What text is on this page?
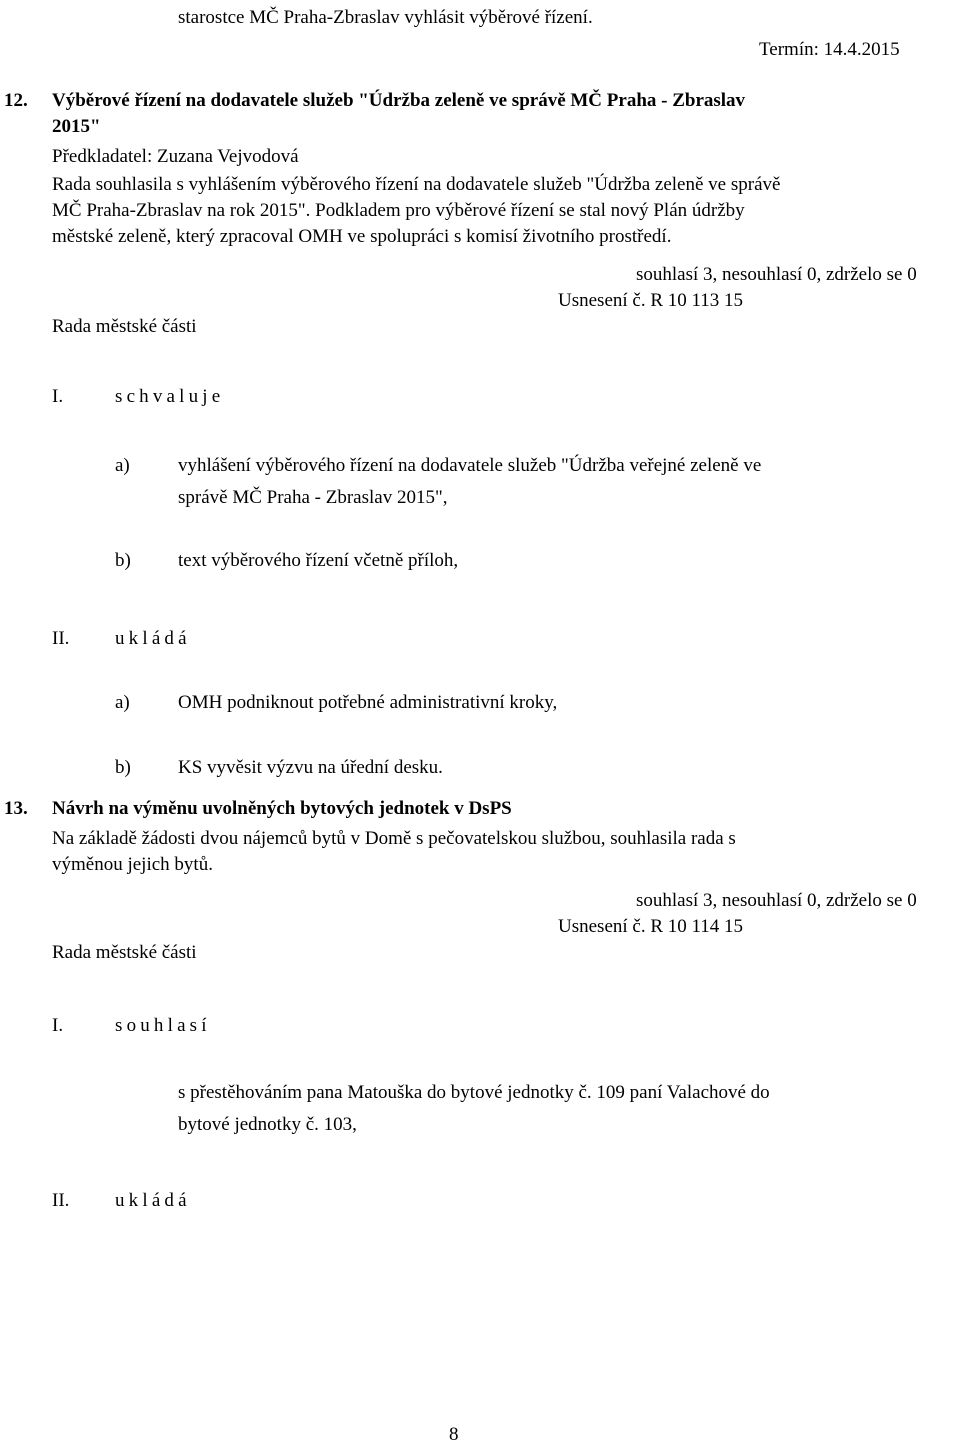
starostce MČ Praha-Zbraslav vyhlásit výběrové řízení.
Termín: 14.4.2015
12. Výběrové řízení na dodavatele služeb "Údržba zeleně ve správě MČ Praha - Zbraslav
2015"
Předkladatel: Zuzana Vejvodová
Rada souhlasila s vyhlášením výběrového řízení na dodavatele služeb "Údržba zeleně ve správě
MČ Praha-Zbraslav na rok 2015". Podkladem pro výběrové řízení se stal nový Plán údržby
městské zeleně, který zpracoval OMH ve spolupráci s komisí životního prostředí.
souhlasí 3, nesouhlasí 0, zdrželo se 0
Usnesení č. R 10 113 15
Rada městské části
I.	schvaluje
a)	vyhlášení výběrového řízení na dodavatele služeb "Údržba veřejné zeleně ve
správě MČ Praha - Zbraslav 2015",
b) text výběrového řízení včetně příloh,
II. ukládá
a)	OMH podniknout potřebné administrativní kroky,
b) KS vyvěsit výzvu na úřední desku.
13. Návrh na výměnu uvolněných bytových jednotek v DsPS
Na základě žádosti dvou nájemců bytů v Domě s pečovatelskou službou, souhlasila rada s
výměnou jejich bytů.
souhlasí 3, nesouhlasí 0, zdrželo se 0
Usnesení č. R 10 114 15
Rada městské části
I.	souhlasí
s přestěhováním pana Matouška do bytové jednotky č. 109 paní Valachové do
bytové jednotky č. 103,
II. ukládá
8
